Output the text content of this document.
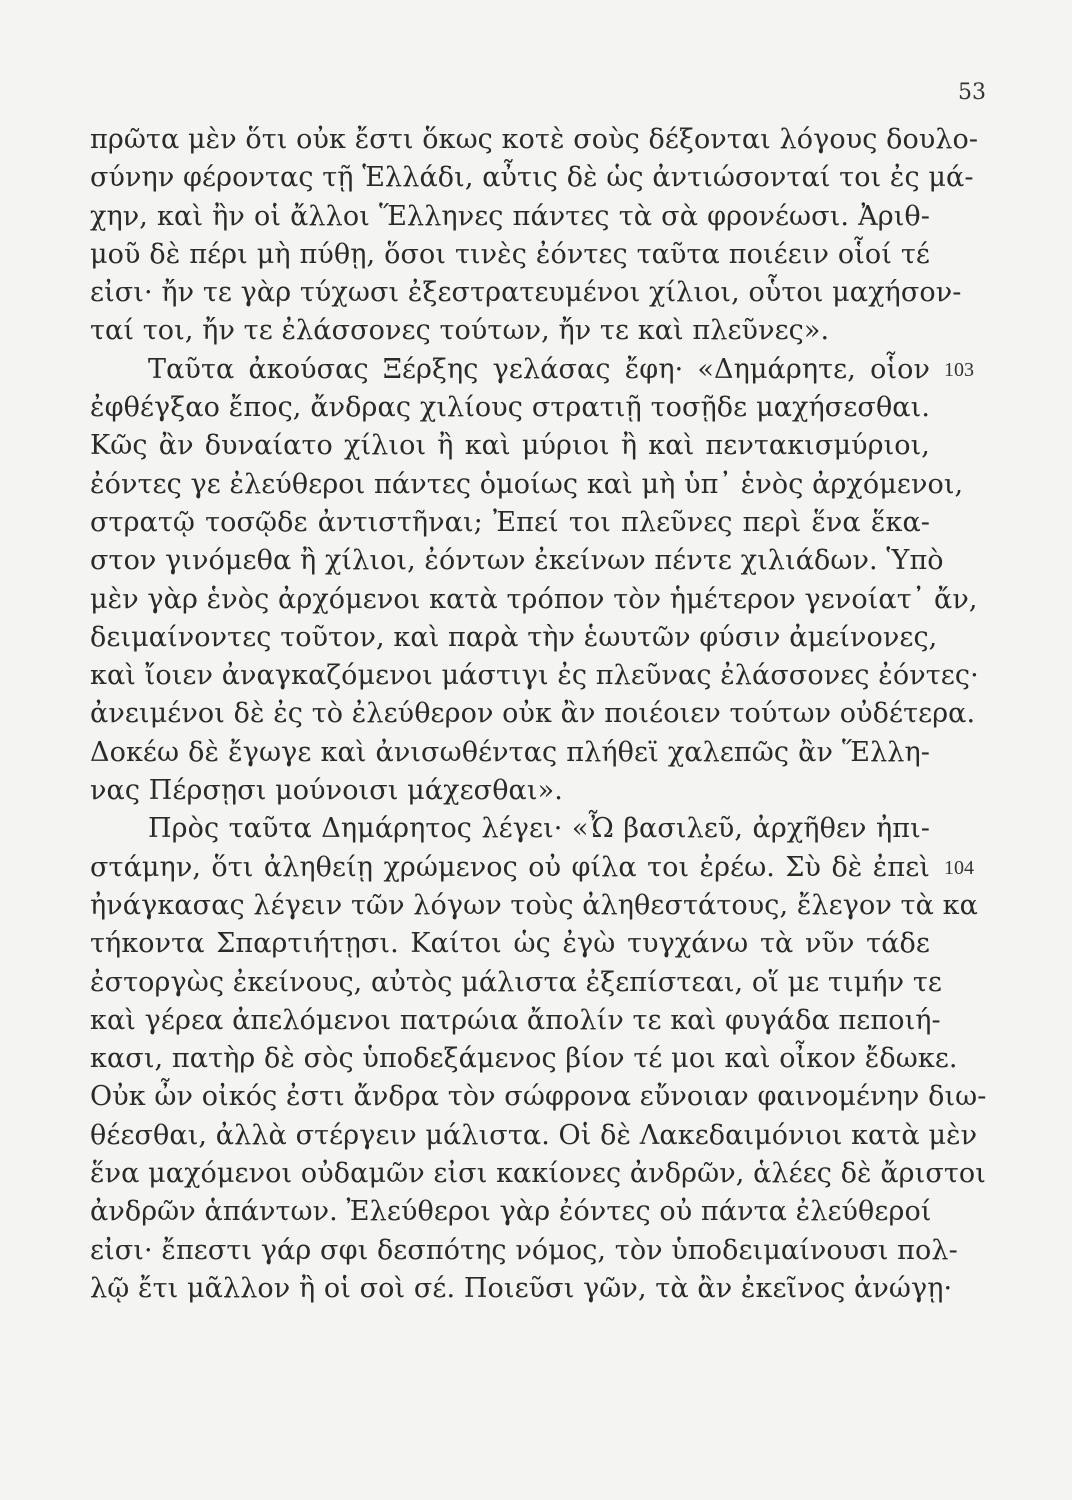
53
πρῶτα μὲν ὅτι οὐκ ἔστι ὅκως κοτὲ σοὺς δέξονται λόγους δουλο-
σύνην φέροντας τῇ Ἑλλάδι, αὖτις δὲ ὡς ἀντιώσονταί τοι ἐς μά-
χην, καὶ ἢν οἱ ἄλλοι Ἕλληνες πάντες τὰ σὰ φρονέωσι. Ἀριθ-
μοῦ δὲ πέρι μὴ πύθῃ, ὅσοι τινὲς ἐόντες ταῦτα ποιέειν οἷοί τέ
εἰσι· ἤν τε γὰρ τύχωσι ἐξεστρατευμένοι χίλιοι, οὗτοι μαχήσον-
ταί τοι, ἤν τε ἐλάσσονες τούτων, ἤν τε καὶ πλεῦνες».
Ταῦτα ἀκούσας Ξέρξης γελάσας ἔφη· «Δημάρητε, οἷον
ἐφθέγξαο ἔπος, ἄνδρας χιλίους στρατιῇ τοσῇδε μαχήσεσθαι.
Κῶς ἂν δυναίατο χίλιοι ἢ καὶ μύριοι ἢ καὶ πεντακισμύριοι,
ἐόντες γε ἐλεύθεροι πάντες ὁμοίως καὶ μὴ ὑπ᾽ ἑνὸς ἀρχόμενοι,
στρατῷ τοσῷδε ἀντιστῆναι; Ἐπεί τοι πλεῦνες περὶ ἕνα ἕκα-
στον γινόμεθα ἢ χίλιοι, ἐόντων ἐκείνων πέντε χιλιάδων. Ὑπὸ
μὲν γὰρ ἑνὸς ἀρχόμενοι κατὰ τρόπον τὸν ἡμέτερον γενοίατ᾽ ἄν,
δειμαίνοντες τοῦτον, καὶ παρὰ τὴν ἑωυτῶν φύσιν ἀμείνονες,
καὶ ἴοιεν ἀναγκαζόμενοι μάστιγι ἐς πλεῦνας ἐλάσσονες ἐόντες·
ἀνειμένοι δὲ ἐς τὸ ἐλεύθερον οὐκ ἂν ποιέοιεν τούτων οὐδέτερα.
Δοκέω δὲ ἔγωγε καὶ ἀνισωθέντας πλήθεϊ χαλεπῶς ἂν Ἕλλη-
νας Πέρσῃσι μούνοισι μάχεσθαι».
Πρὸς ταῦτα Δημάρητος λέγει· «Ὦ βασιλεῦ, ἀρχῆθεν ἠπι-
στάμην, ὅτι ἀληθείῃ χρώμενος οὐ φίλα τοι ἐρέω. Σὺ δὲ ἐπεὶ
ἠνάγκασας λέγειν τῶν λόγων τοὺς ἀληθεστάτους, ἔλεγον τὰ κα
τήκοντα Σπαρτιήτῃσι. Καίτοι ὡς ἐγὼ τυγχάνω τὰ νῦν τάδε
ἐστοργὼς ἐκείνους, αὐτὸς μάλιστα ἐξεπίστεαι, οἵ με τιμήν τε
καὶ γέρεα ἀπελόμενοι πατρώια ἄπολίν τε καὶ φυγάδα πεποιή-
κασι, πατὴρ δὲ σὸς ὑποδεξάμενος βίον τέ μοι καὶ οἶκον ἔδωκε.
Οὐκ ὦν οἰκός ἐστι ἄνδρα τὸν σώφρονα εὔνοιαν φαινομένην διω-
θέεσθαι, ἀλλὰ στέργειν μάλιστα. Οἱ δὲ Λακεδαιμόνιοι κατὰ μὲν
ἕνα μαχόμενοι οὐδαμῶν εἰσι κακίονες ἀνδρῶν, ἁλέες δὲ ἄριστοι
ἀνδρῶν ἁπάντων. Ἐλεύθεροι γὰρ ἐόντες οὐ πάντα ἐλεύθεροί
εἰσι· ἔπεστι γάρ σφι δεσπότης νόμος, τὸν ὑποδειμαίνουσι πολ-
λῷ ἔτι μᾶλλον ἢ οἱ σοὶ σέ. Ποιεῦσι γῶν, τὰ ἂν ἐκεῖνος ἀνώγῃ·
103
104
